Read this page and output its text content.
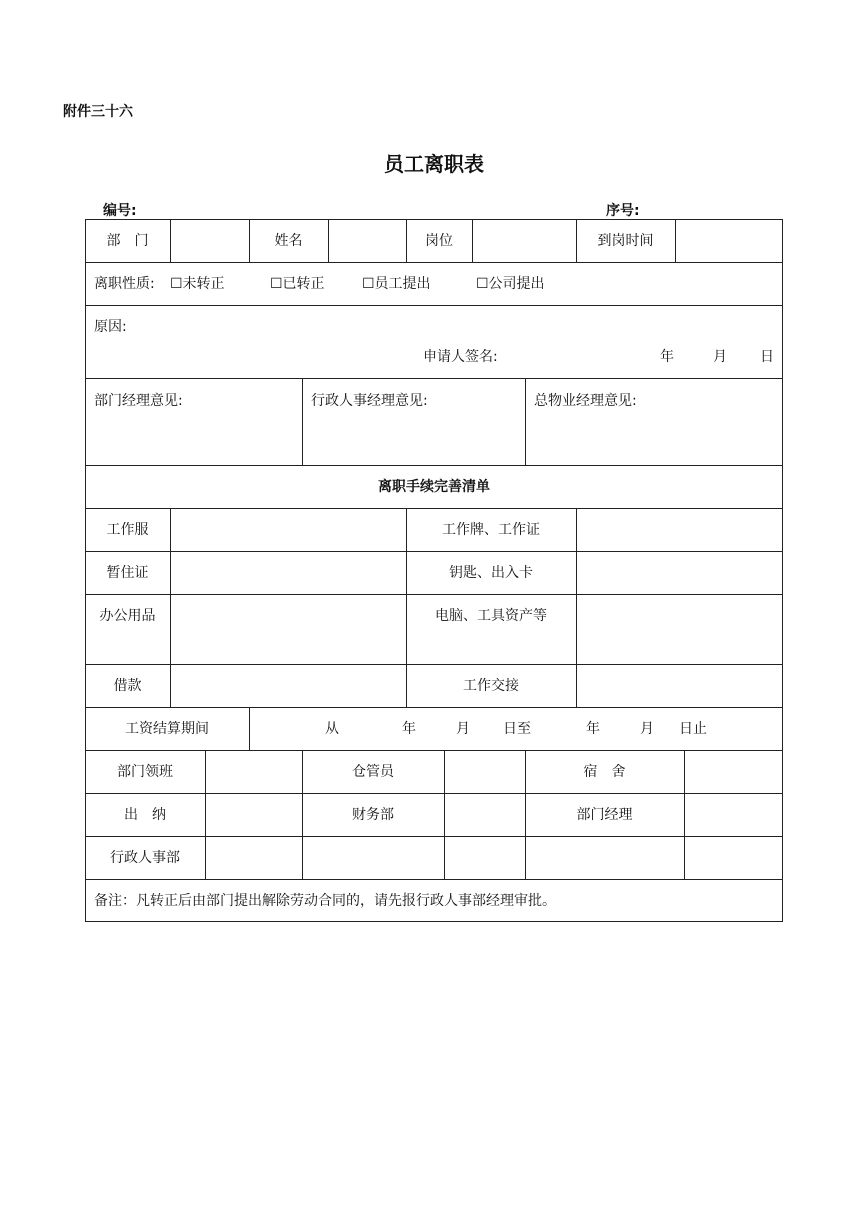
附件三十六
员工离职表
编号:	序号:
部　门	姓名	岗位	到岗时间
离职性质: ☐未转正	☐已转正	☐员工提出	☐公司提出
原因:
申请人签名:	年	月 日
部门经理意见:	行政人事经理意见:	总物业经理意见:
离职手续完善清单
工作服	工作牌、工作证
暂住证	钥匙、出入卡
办公用品	电脑、工具资产等
借款	工作交接
工资结算期间	从	年	月 日至	年	月 日止
部门领班	仓管员	宿　舍
出　纳	财务部	部门经理
行政人事部
备注：凡转正后由部门提出解除劳动合同的，请先报行政人事部经理审批。
